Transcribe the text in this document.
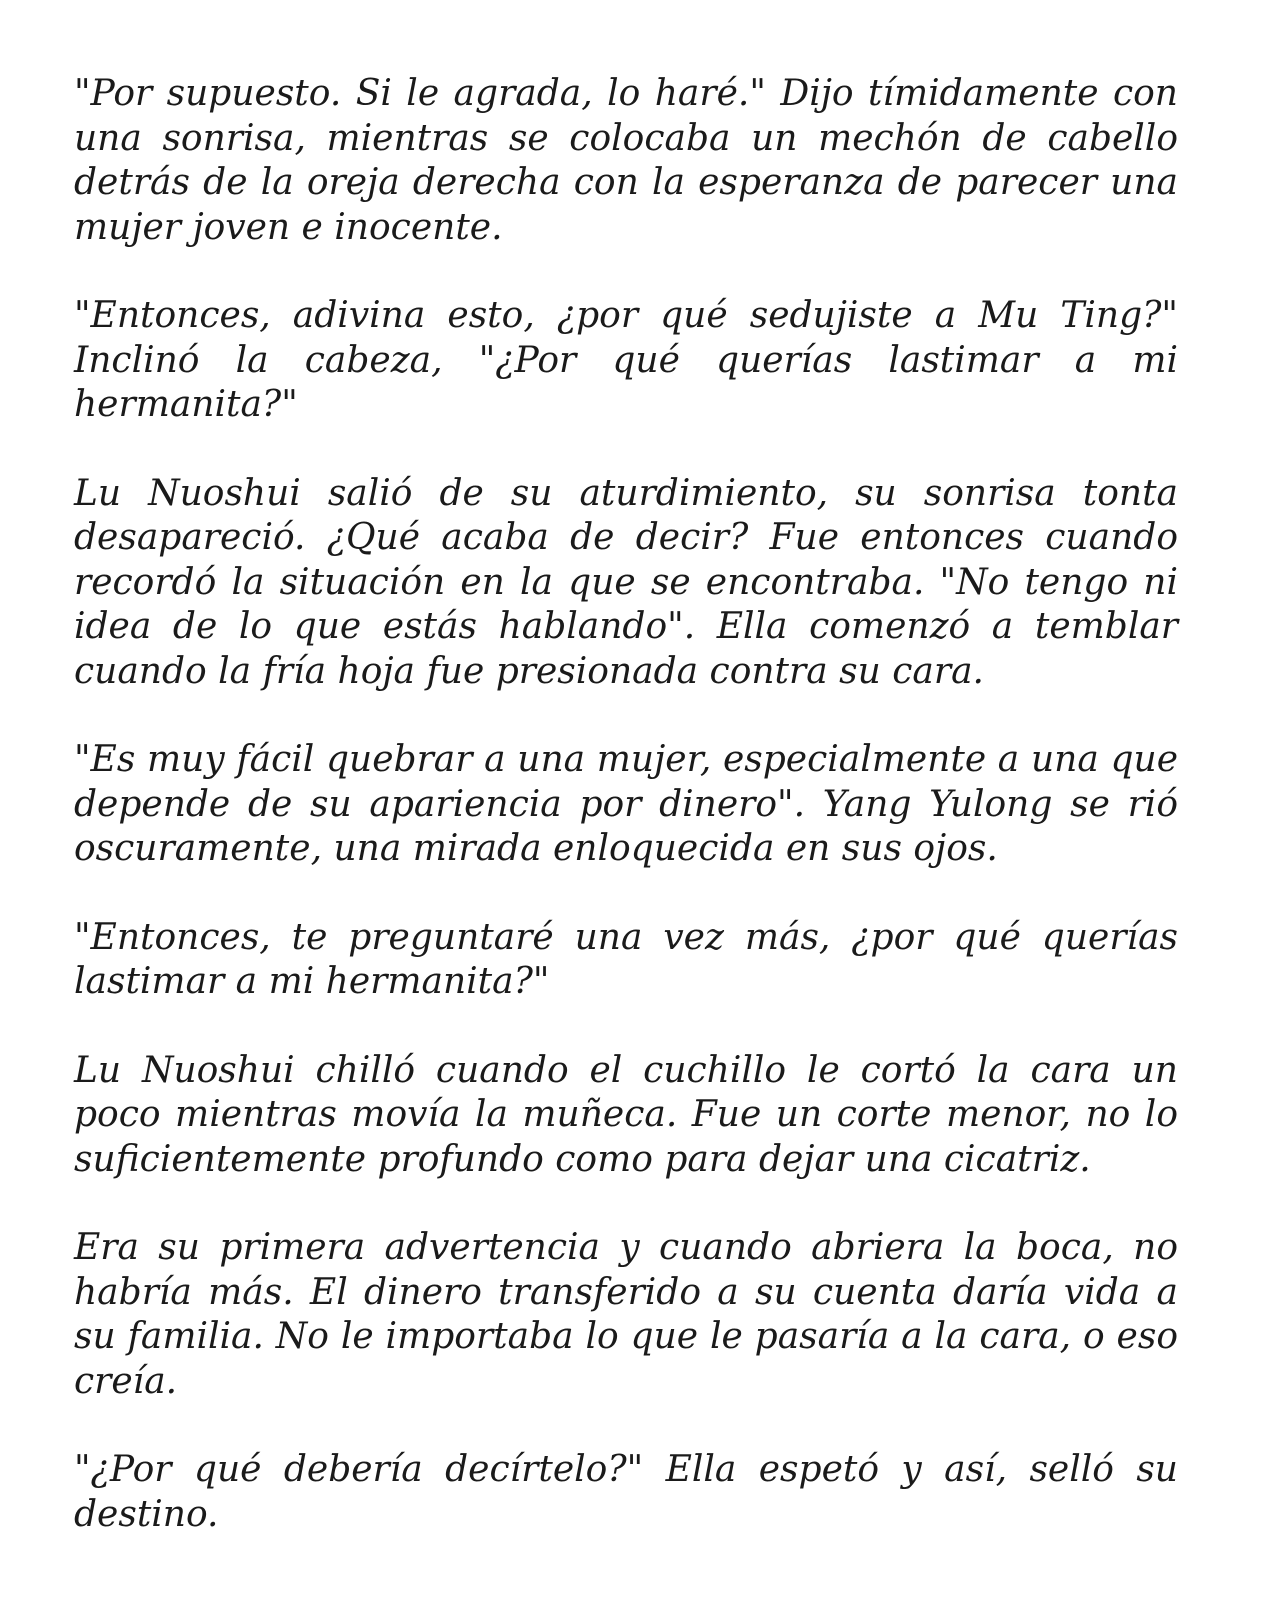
"Por supuesto. Si le agrada, lo haré." Dijo tímidamente con una sonrisa, mientras se colocaba un mechón de cabello detrás de la oreja derecha con la esperanza de parecer una mujer joven e inocente.

"Entonces, adivina esto, ¿por qué sedujiste a Mu Ting?" Inclinó la cabeza, "¿Por qué querías lastimar a mi hermanita?"

Lu Nuoshui salió de su aturdimiento, su sonrisa tonta desapareció. ¿Qué acaba de decir? Fue entonces cuando recordó la situación en la que se encontraba. "No tengo ni idea de lo que estás hablando". Ella comenzó a temblar cuando la fría hoja fue presionada contra su cara.

"Es muy fácil quebrar a una mujer, especialmente a una que depende de su apariencia por dinero". Yang Yulong se rió oscuramente, una mirada enloquecida en sus ojos.

"Entonces, te preguntaré una vez más, ¿por qué querías lastimar a mi hermanita?"

Lu Nuoshui chilló cuando el cuchillo le cortó la cara un poco mientras movía la muñeca. Fue un corte menor, no lo suficientemente profundo como para dejar una cicatriz.

Era su primera advertencia y cuando abriera la boca, no habría más. El dinero transferido a su cuenta daría vida a su familia. No le importaba lo que le pasaría a la cara, o eso creía.

"¿Por qué debería decírtelo?" Ella espetó y así, selló su destino.
